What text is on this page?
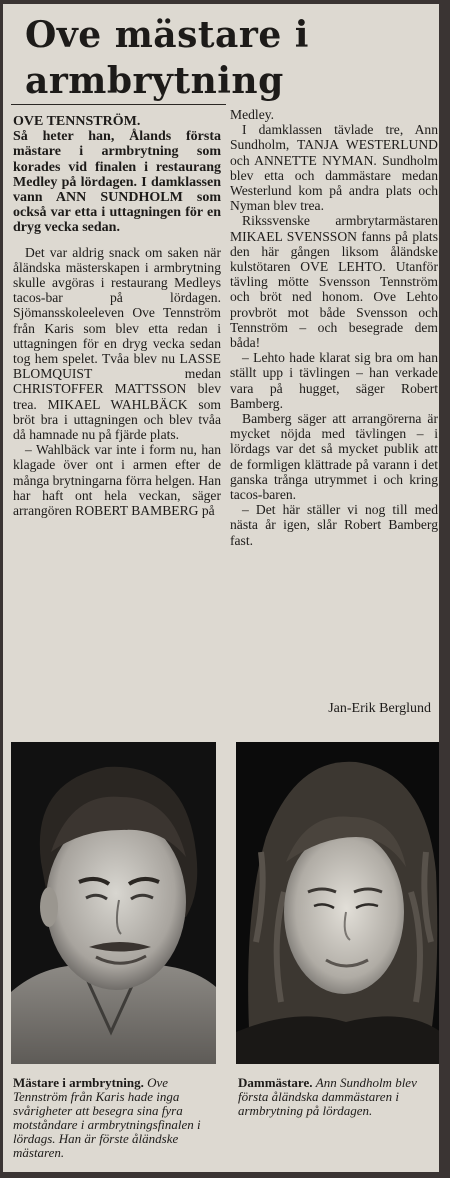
Ove mästare i armbrytning

OVE TENNSTRÖM.
Så heter han, Ålands första mästare i armbrytning som korades vid finalen i restaurang Medley på lördagen. I damklassen vann ANN SUNDHOLM som också var etta i uttagningen för en dryg vecka sedan.

Det var aldrig snack om saken när åländska mästerskapen i armbrytning skulle avgöras i restaurang Medleys tacos-bar på lördagen. Sjömansskoleeleven Ove Tennström från Karis som blev etta redan i uttagningen för en dryg vecka sedan tog hem spelet. Tvåa blev nu LASSE BLOMQUIST medan CHRISTOFFER MATTSSON blev trea. MIKAEL WAHLBÄCK som bröt bra i uttagningen och blev tvåa då hamnade nu på fjärde plats.

– Wahlbäck var inte i form nu, han klagade över ont i armen efter de många brytningarna förra helgen. Han har haft ont hela veckan, säger arrangören ROBERT BAMBERG på

Medley.

I damklassen tävlade tre, Ann Sundholm, TANJA WESTERLUND och ANNETTE NYMAN. Sundholm blev etta och dammästare medan Westerlund kom på andra plats och Nyman blev trea.

Rikssvenske armbrytarmästaren MIKAEL SVENSSON fanns på plats den här gången liksom åländske kulstötaren OVE LEHTO. Utanför tävling mötte Svensson Tennström och bröt ned honom. Ove Lehto provbröt mot både Svensson och Tennström – och besegrade dem båda!

– Lehto hade klarat sig bra om han ställt upp i tävlingen – han verkade vara på hugget, säger Robert Bamberg.

Bamberg säger att arrangörerna är mycket nöjda med tävlingen – i lördags var det så mycket publik att de formligen klättrade på varann i det ganska trånga utrymmet i och kring tacos-baren.

– Det här ställer vi nog till med nästa år igen, slår Robert Bamberg fast.

Jan-Erik Berglund
Mästare i armbrytning. Ove Tennström från Karis hade inga svårigheter att besegra sina fyra motståndare i armbrytningsfinalen i lördags. Han är förste åländske mästaren.
Dammästare. Ann Sundholm blev första åländska dammästaren i armbrytning på lördagen.
